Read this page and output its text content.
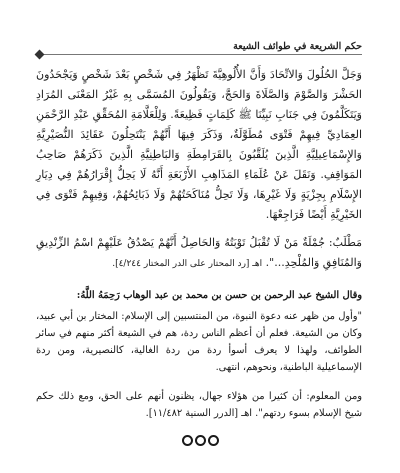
حكم الشريعة في طوائف الشيعة
وَجَلَّ الحُلُولَ وَالاتِّحَادَ وَأَنَّ الأُلُوهِيَّةَ تَظْهَرُ فِي شَخْصٍ بَعْدَ شَخْصٍ وَيَجْحَدُونَ الحَشْرَ وَالصَّوْمَ وَالصَّلَاةَ وَالحَجَّ، وَيَقُولُونَ المُسَمَّى بِهِ غَيْرُ المَعْنَى المُرَادِ وَيَتَكَلَّمُونَ فِي جَنَابِ نَبِيِّنَا ﷺ كَلِمَاتٍ فَظِيعَةً. وَلِلْعَلَّامَةِ المُحَقِّقِ عَبْدِ الرَّحْمَنِ العِمَادِيِّ فِيهِمْ فَتْوَى مُطَوَّلَةٌ، وَذَكَرَ فِيهَا أَنَّهُمْ يَنْتَحِلُونَ عَقَائِدَ النُّصَيْرِيَّةِ وَالإِسْمَاعِيلِيَّةِ الَّذِينَ يُلَقَّبُونَ بِالقَرَامِطَةِ وَالبَاطِنِيَّةِ الَّذِينَ ذَكَرَهُمْ صَاحِبُ المَوَاقِفِ. وَنَقَلَ عَنْ عُلَمَاءِ المَذَاهِبِ الأَرْبَعَةِ أَنَّهُ لَا يَحِلُّ إِقْرَارُهُمْ فِي دِيَارِ الإِسْلَامِ بِجِزْيَةٍ وَلَا غَيْرِهَا، وَلَا تَحِلُّ مُنَاكَحَتُهُمْ وَلَا ذَبَائِحُهُمْ، وَفِيهِمْ فَتْوَى فِي الخَيْرِيَّةِ أَيْضًا فَرَاجِعْهَا.
مَطْلَبٌ: جُمْلَةٌ مَنْ لَا تُقْبَلُ تَوْبَتُهُ وَالحَاصِلُ أَنَّهُمْ يَصْدُقُ عَلَيْهِمْ اسْمُ الزِّنْدِيقِ وَالمُنَافِقِ وَالمُلْحِدِ...". اهـ [رد المحتار على الدر المختار ٤/٢٤٤].
وقال الشيخ عبد الرحمن بن حسن بن محمد بن عبد الوهاب رَحِمَهُ اللَّهُ:
"وأول من ظهر عنه دعوة النبوة، من المنتسبين إلى الإسلام: المختار بن أبي عبيد، وكان من الشيعة. فعلم أن أعظم الناس ردة، هم في الشيعة أكثر منهم في سائر الطوائف، ولهذا لا يعرف أسوأ ردة من ردة الغالية، كالنصيرية، ومن ردة الإسماعيلية الباطنية، ونحوهم، انتهى.
ومن المعلوم: أن كثيرا من هؤلاء جهال، يظنون أنهم على الحق، ومع ذلك حكم شيخ الإسلام بسوء ردتهم". اهـ [الدرر السنية ١١/٤٨٢].
